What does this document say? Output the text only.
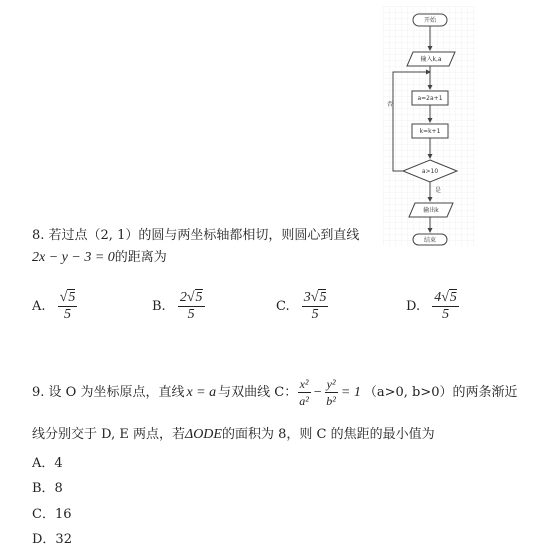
开始
输入k,a
a=2a+1
k=k+1
a>10
否
是
输出k
结束
8. 若过点（2, 1）的圆与两坐标轴都相切，则圆心到直线
2x − y − 3 = 0的距离为
A. $\frac{√5}{5}$	B. $\frac{2√5}{5}$	C. $\frac{3√5}{5}$	D. $\frac{4√5}{5}$
9. 设 O 为坐标原点，直线 x = a 与双曲线 C： $\frac{\text{x²}}{\text{a²}} - \frac{\text{y²}}{\text{b²}} = 1$ （a>0, b>0）的两条渐近
线分别交于 D, E 两点，若ΔODE的面积为 8，则 C 的焦距的最小值为
A．4
B．8
C．16
D．32
